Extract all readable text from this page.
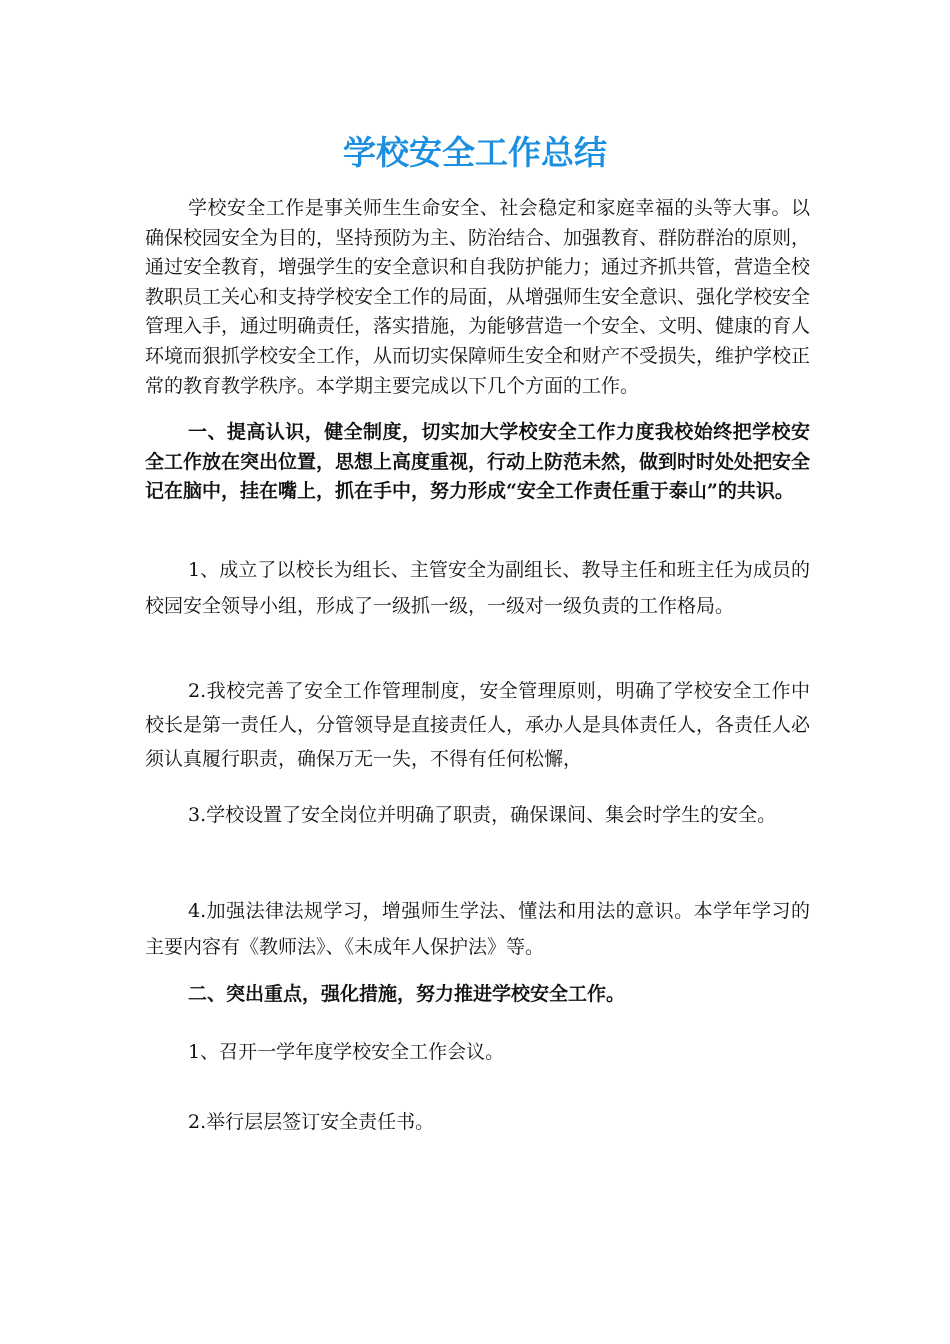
学校安全工作总结

学校安全工作是事关师生生命安全、社会稳定和家庭幸福的头等大事。以确保校园安全为目的，坚持预防为主、防治结合、加强教育、群防群治的原则，通过安全教育，增强学生的安全意识和自我防护能力；通过齐抓共管，营造全校教职员工关心和支持学校安全工作的局面，从增强师生安全意识、强化学校安全管理入手，通过明确责任，落实措施，为能够营造一个安全、文明、健康的育人环境而狠抓学校安全工作，从而切实保障师生安全和财产不受损失，维护学校正常的教育教学秩序。本学期主要完成以下几个方面的工作。

一、提高认识，健全制度，切实加大学校安全工作力度我校始终把学校安全工作放在突出位置，思想上高度重视，行动上防范未然，做到时时处处把安全记在脑中，挂在嘴上，抓在手中，努力形成“安全工作责任重于泰山”的共识。

1、成立了以校长为组长、主管安全为副组长、教导主任和班主任为成员的校园安全领导小组，形成了一级抓一级，一级对一级负责的工作格局。

2.我校完善了安全工作管理制度，安全管理原则，明确了学校安全工作中校长是第一责任人，分管领导是直接责任人，承办人是具体责任人，各责任人必须认真履行职责，确保万无一失，不得有任何松懈，

3.学校设置了安全岗位并明确了职责，确保课间、集会时学生的安全。

4.加强法律法规学习，增强师生学法、懂法和用法的意识。本学年学习的主要内容有《教师法》、《未成年人保护法》等。

二、突出重点，强化措施，努力推进学校安全工作。

1、召开一学年度学校安全工作会议。

2.举行层层签订安全责任书。
